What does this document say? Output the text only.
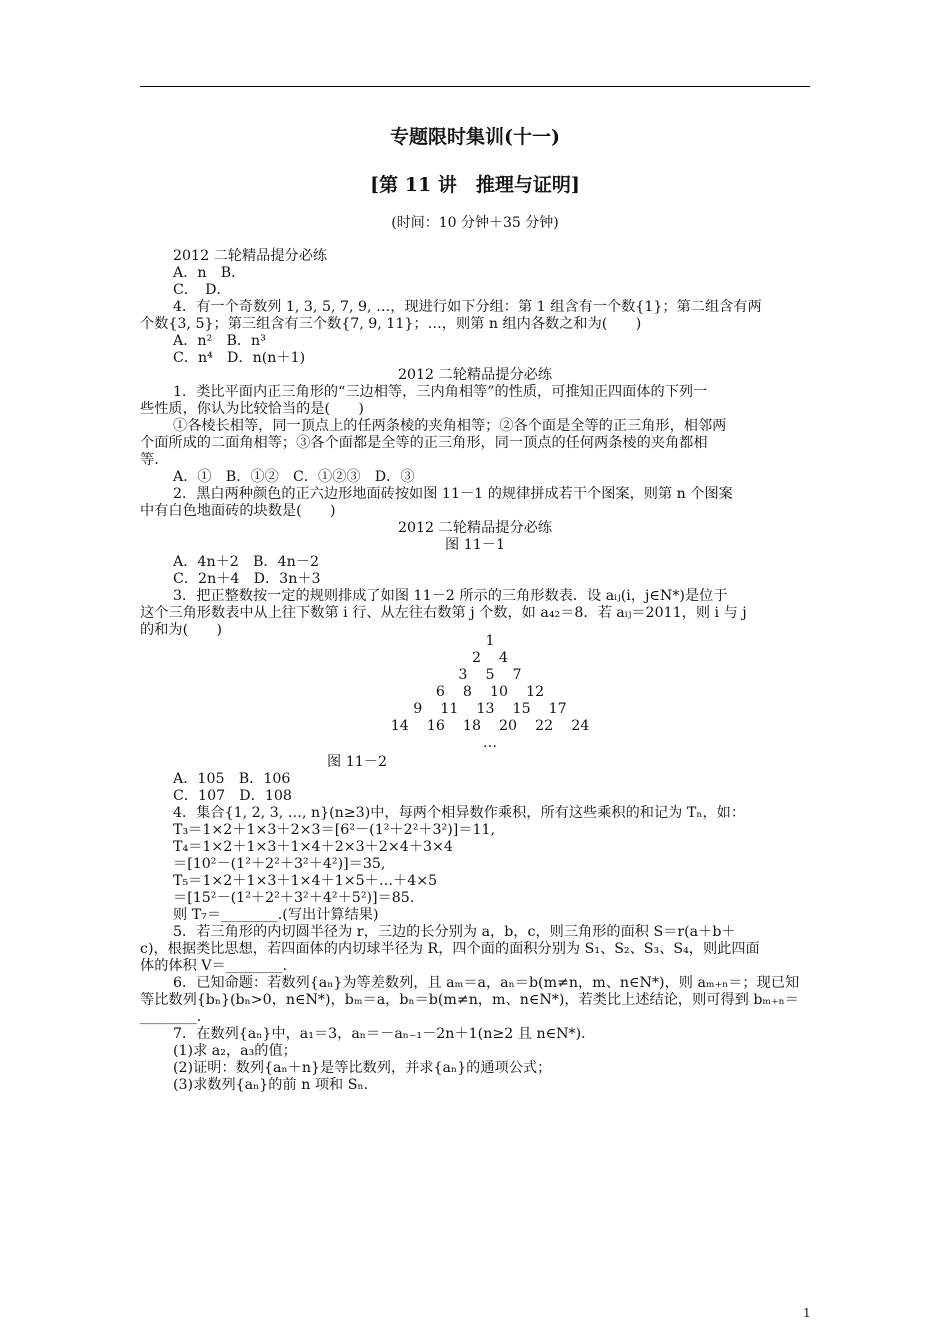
专题限时集训(十一)
[第 11 讲　推理与证明]
(时间：10 分钟＋35 分钟)
2012 二轮精品提分必练
A．n　B．
C．　D．
4．有一个奇数列 1, 3, 5, 7, 9, …，现进行如下分组：第 1 组含有一个数{1}；第二组含有两
个数{3, 5}；第三组含有三个数{7, 9, 11}；…，则第 n 组内各数之和为(　　)
A．n²　B．n³
C．n⁴　D．n(n＋1)
2012 二轮精品提分必练
1．类比平面内正三角形的“三边相等，三内角相等”的性质，可推知正四面体的下列一
些性质，你认为比较恰当的是(　　)
①各棱长相等，同一顶点上的任两条棱的夹角相等；②各个面是全等的正三角形，相邻两
个面所成的二面角相等；③各个面都是全等的正三角形，同一顶点的任何两条棱的夹角都相
等.
A．①　B．①②　C．①②③　D．③
2．黑白两种颜色的正六边形地面砖按如图 11－1 的规律拼成若干个图案，则第 n 个图案
中有白色地面砖的块数是(　　)
2012 二轮精品提分必练
图 11－1
A．4n＋2　B．4n－2
C．2n＋4　D．3n＋3
3．把正整数按一定的规则排成了如图 11－2 所示的三角形数表．设 aᵢⱼ(i，j∈N*)是位于
这个三角形数表中从上往下数第 i 行、从左往右数第 j 个数，如 a₄₂＝8．若 aᵢⱼ＝2011，则 i 与 j
的和为(　　)
图 11－2
A．105　B．106
C．107　D．108
4．集合{1, 2, 3, …, n}(n≥3)中，每两个相异数作乘积，所有这些乘积的和记为 Tₙ，如：
T₃＝1×2＋1×3＋2×3＝[6²－(1²＋2²＋3²)]＝11,
T₄＝1×2＋1×3＋1×4＋2×3＋2×4＋3×4
＝[10²－(1²＋2²＋3²＋4²)]＝35,
T₅＝1×2＋1×3＋1×4＋1×5＋…＋4×5
＝[15²－(1²＋2²＋3²＋4²＋5²)]＝85.
则 T₇＝________.(写出计算结果)
5．若三角形的内切圆半径为 r，三边的长分别为 a，b，c，则三角形的面积 S＝r(a＋b＋
c)，根据类比思想，若四面体的内切球半径为 R，四个面的面积分别为 S₁、S₂、S₃、S₄，则此四面
体的体积 V＝________.
6．已知命题：若数列{aₙ}为等差数列，且 aₘ＝a，aₙ＝b(m≠n，m、n∈N*)，则 aₘ₊ₙ＝；现已知
等比数列{bₙ}(bₙ>0，n∈N*)，bₘ＝a，bₙ＝b(m≠n，m、n∈N*)，若类比上述结论，则可得到 bₘ₊ₙ＝
________.
7．在数列{aₙ}中，a₁＝3，aₙ＝－aₙ₋₁－2n＋1(n≥2 且 n∈N*)．
(1)求 a₂，a₃的值；
(2)证明：数列{aₙ＋n}是等比数列，并求{aₙ}的通项公式；
(3)求数列{aₙ}的前 n 项和 Sₙ.
1
2    4
3    5    7
6    8    10    12
9    11    13    15    17
14    16    18    20    22    24
…
1
